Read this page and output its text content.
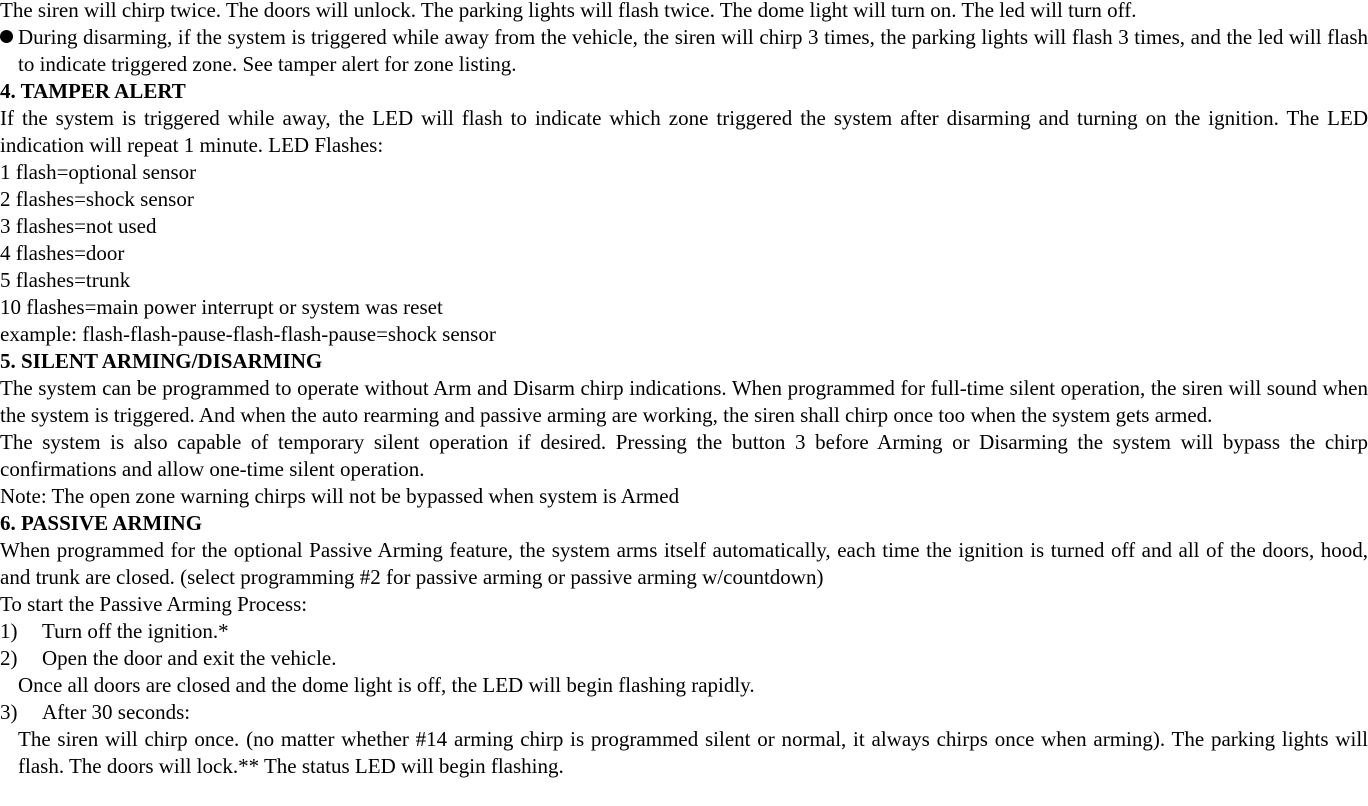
The siren will chirp twice. The doors will unlock. The parking lights will flash twice. The dome light will turn on. The led will turn off.
During disarming, if the system is triggered while away from the vehicle, the siren will chirp 3 times, the parking lights will flash 3 times, and the led will flash to indicate triggered zone. See tamper alert for zone listing.
4. TAMPER ALERT
If the system is triggered while away, the LED will flash to indicate which zone triggered the system after disarming and turning on the ignition. The LED indication will repeat 1 minute. LED Flashes:
1 flash=optional sensor
2 flashes=shock sensor
3 flashes=not used
4 flashes=door
5 flashes=trunk
10 flashes=main power interrupt or system was reset
example: flash-flash-pause-flash-flash-pause=shock sensor
5. SILENT ARMING/DISARMING
The system can be programmed to operate without Arm and Disarm chirp indications. When programmed for full-time silent operation, the siren will sound when the system is triggered. And when the auto rearming and passive arming are working, the siren shall chirp once too when the system gets armed.
The system is also capable of temporary silent operation if desired. Pressing the button 3 before Arming or Disarming the system will bypass the chirp confirmations and allow one-time silent operation.
Note: The open zone warning chirps will not be bypassed when system is Armed
6. PASSIVE ARMING
When programmed for the optional Passive Arming feature, the system arms itself automatically, each time the ignition is turned off and all of the doors, hood, and trunk are closed. (select programming #2 for passive arming or passive arming w/countdown)
To start the Passive Arming Process:
1)	Turn off the ignition.*
2)	Open the door and exit the vehicle.
Once all doors are closed and the dome light is off, the LED will begin flashing rapidly.
3)	After 30 seconds:
The siren will chirp once. (no matter whether #14 arming chirp is programmed silent or normal, it always chirps once when arming). The parking lights will flash. The doors will lock.** The status LED will begin flashing.
